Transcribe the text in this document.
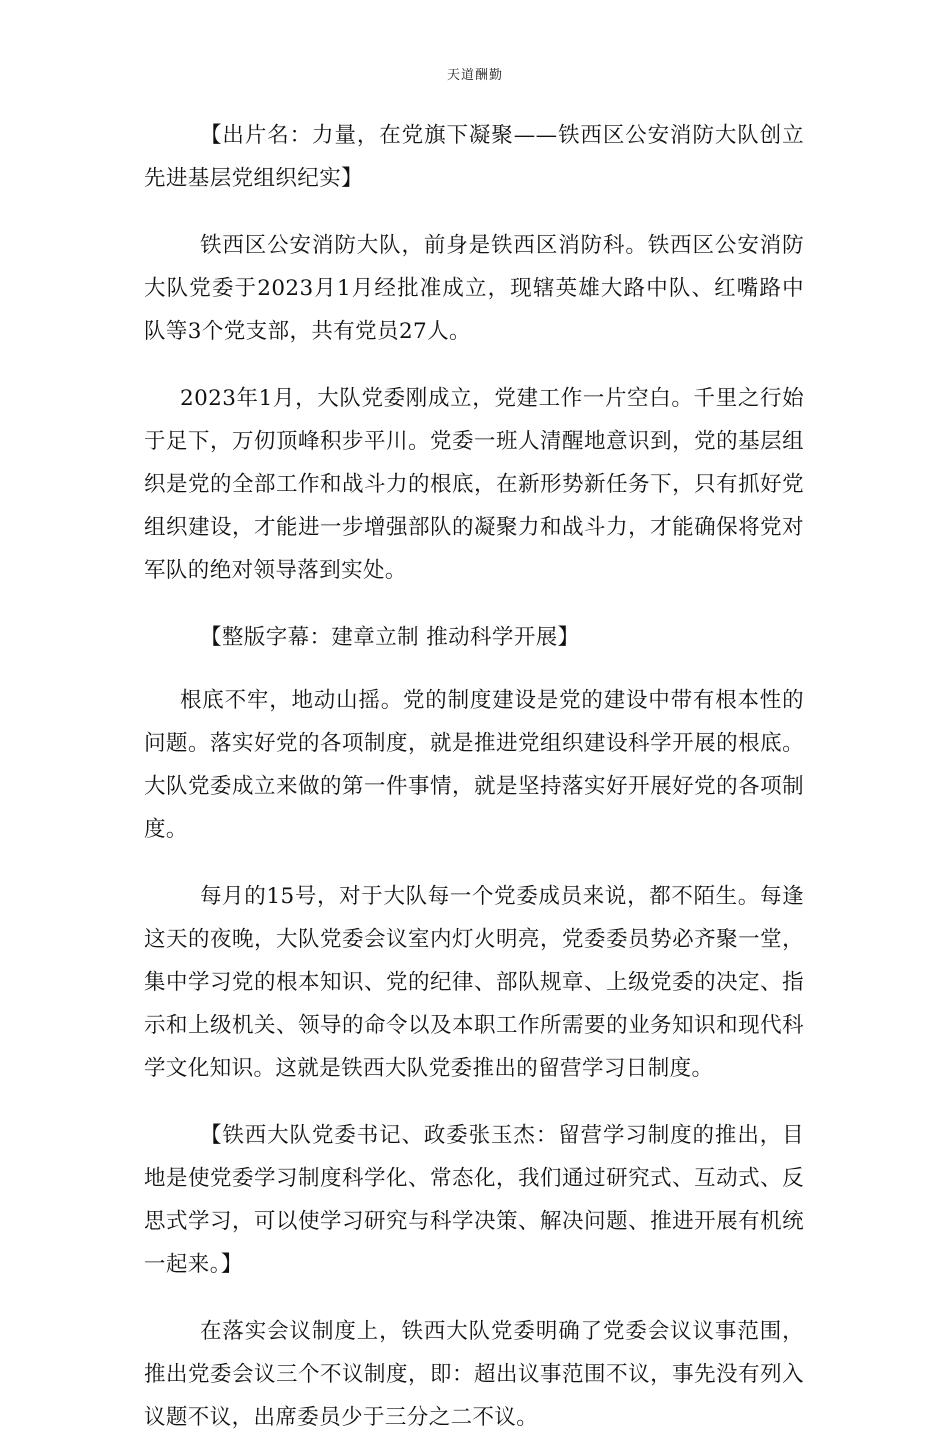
天道酬勤

【出片名：力量，在党旗下凝聚——铁西区公安消防大队创立先进基层党组织纪实】

铁西区公安消防大队，前身是铁西区消防科。铁西区公安消防大队党委于2023月1月经批准成立，现辖英雄大路中队、红嘴路中队等3个党支部，共有党员27人。

2023年1月，大队党委刚成立，党建工作一片空白。千里之行始于足下，万仞顶峰积步平川。党委一班人清醒地意识到，党的基层组织是党的全部工作和战斗力的根底，在新形势新任务下，只有抓好党组织建设，才能进一步增强部队的凝聚力和战斗力，才能确保将党对军队的绝对领导落到实处。

【整版字幕：建章立制 推动科学开展】

根底不牢，地动山摇。党的制度建设是党的建设中带有根本性的问题。落实好党的各项制度，就是推进党组织建设科学开展的根底。大队党委成立来做的第一件事情，就是坚持落实好开展好党的各项制度。

每月的15号，对于大队每一个党委成员来说，都不陌生。每逢这天的夜晚，大队党委会议室内灯火明亮，党委委员势必齐聚一堂，集中学习党的根本知识、党的纪律、部队规章、上级党委的决定、指示和上级机关、领导的命令以及本职工作所需要的业务知识和现代科学文化知识。这就是铁西大队党委推出的留营学习日制度。

【铁西大队党委书记、政委张玉杰：留营学习制度的推出，目地是使党委学习制度科学化、常态化，我们通过研究式、互动式、反思式学习，可以使学习研究与科学决策、解决问题、推进开展有机统一起来。】

在落实会议制度上，铁西大队党委明确了党委会议议事范围，推出党委会议三个不议制度，即：超出议事范围不议，事先没有列入议题不议，出席委员少于三分之二不议。
